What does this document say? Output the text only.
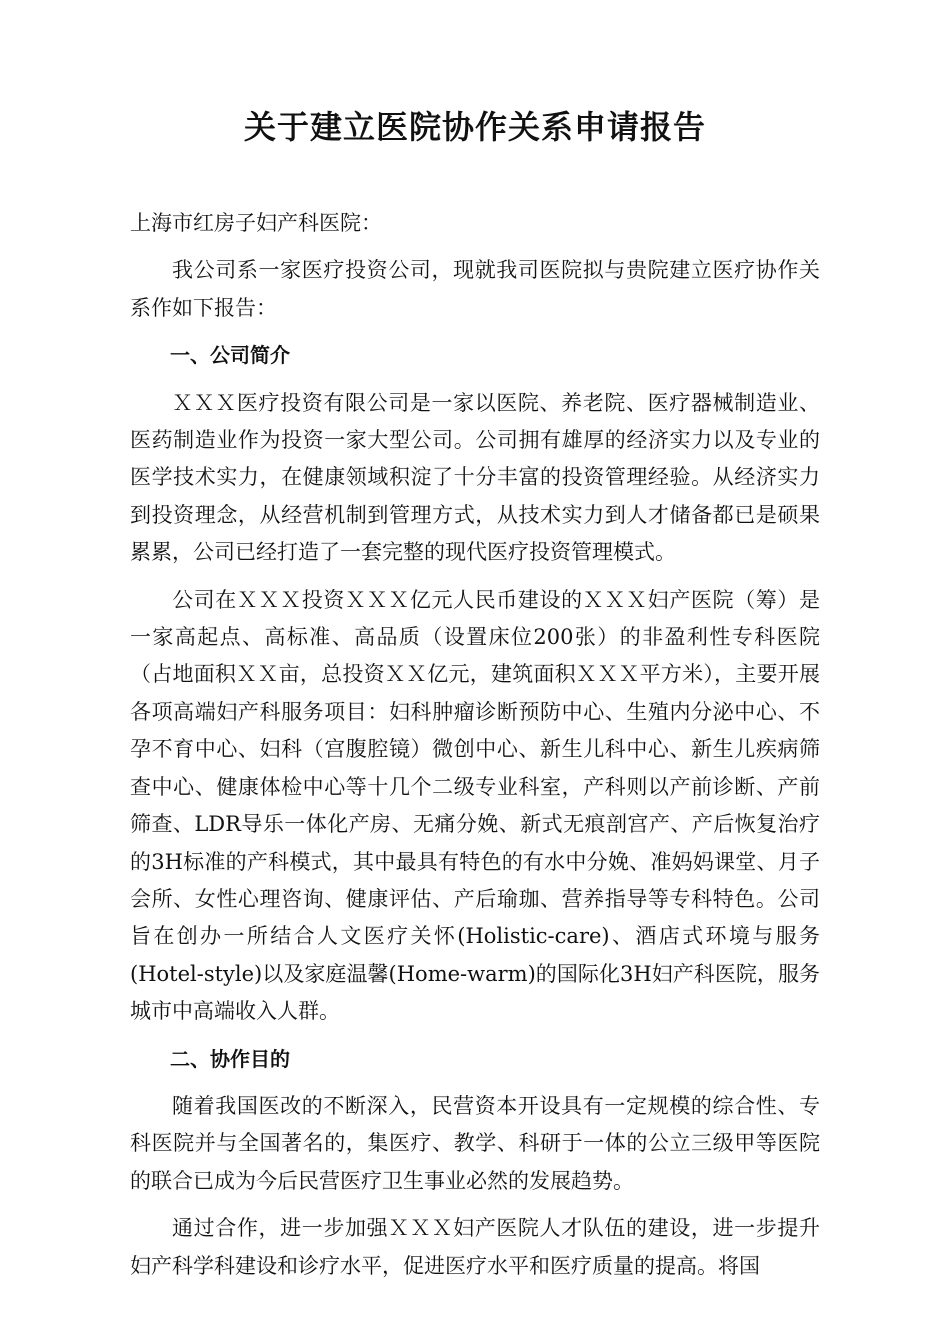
关于建立医院协作关系申请报告

上海市红房子妇产科医院：

我公司系一家医疗投资公司，现就我司医院拟与贵院建立医疗协作关系作如下报告：

一、公司简介

ＸＸＸ医疗投资有限公司是一家以医院、养老院、医疗器械制造业、医药制造业作为投资一家大型公司。公司拥有雄厚的经济实力以及专业的医学技术实力，在健康领域积淀了十分丰富的投资管理经验。从经济实力到投资理念，从经营机制到管理方式，从技术实力到人才储备都已是硕果累累，公司已经打造了一套完整的现代医疗投资管理模式。

公司在ＸＸＸ投资ＸＸＸ亿元人民币建设的ＸＸＸ妇产医院（筹）是一家高起点、高标准、高品质（设置床位200张）的非盈利性专科医院（占地面积ＸＸ亩，总投资ＸＸ亿元，建筑面积ＸＸＸ平方米），主要开展各项高端妇产科服务项目：妇科肿瘤诊断预防中心、生殖内分泌中心、不孕不育中心、妇科（宫腹腔镜）微创中心、新生儿科中心、新生儿疾病筛查中心、健康体检中心等十几个二级专业科室，产科则以产前诊断、产前筛查、LDR导乐一体化产房、无痛分娩、新式无痕剖宫产、产后恢复治疗的3H标准的产科模式，其中最具有特色的有水中分娩、准妈妈课堂、月子会所、女性心理咨询、健康评估、产后瑜珈、营养指导等专科特色。公司旨在创办一所结合人文医疗关怀(Holistic-care)、酒店式环境与服务(Hotel-style)以及家庭温馨(Home-warm)的国际化3H妇产科医院，服务城市中高端收入人群。

二、协作目的

随着我国医改的不断深入，民营资本开设具有一定规模的综合性、专科医院并与全国著名的，集医疗、教学、科研于一体的公立三级甲等医院的联合已成为今后民营医疗卫生事业必然的发展趋势。

通过合作，进一步加强ＸＸＸ妇产医院人才队伍的建设，进一步提升妇产科学科建设和诊疗水平，促进医疗水平和医疗质量的提高。将国
